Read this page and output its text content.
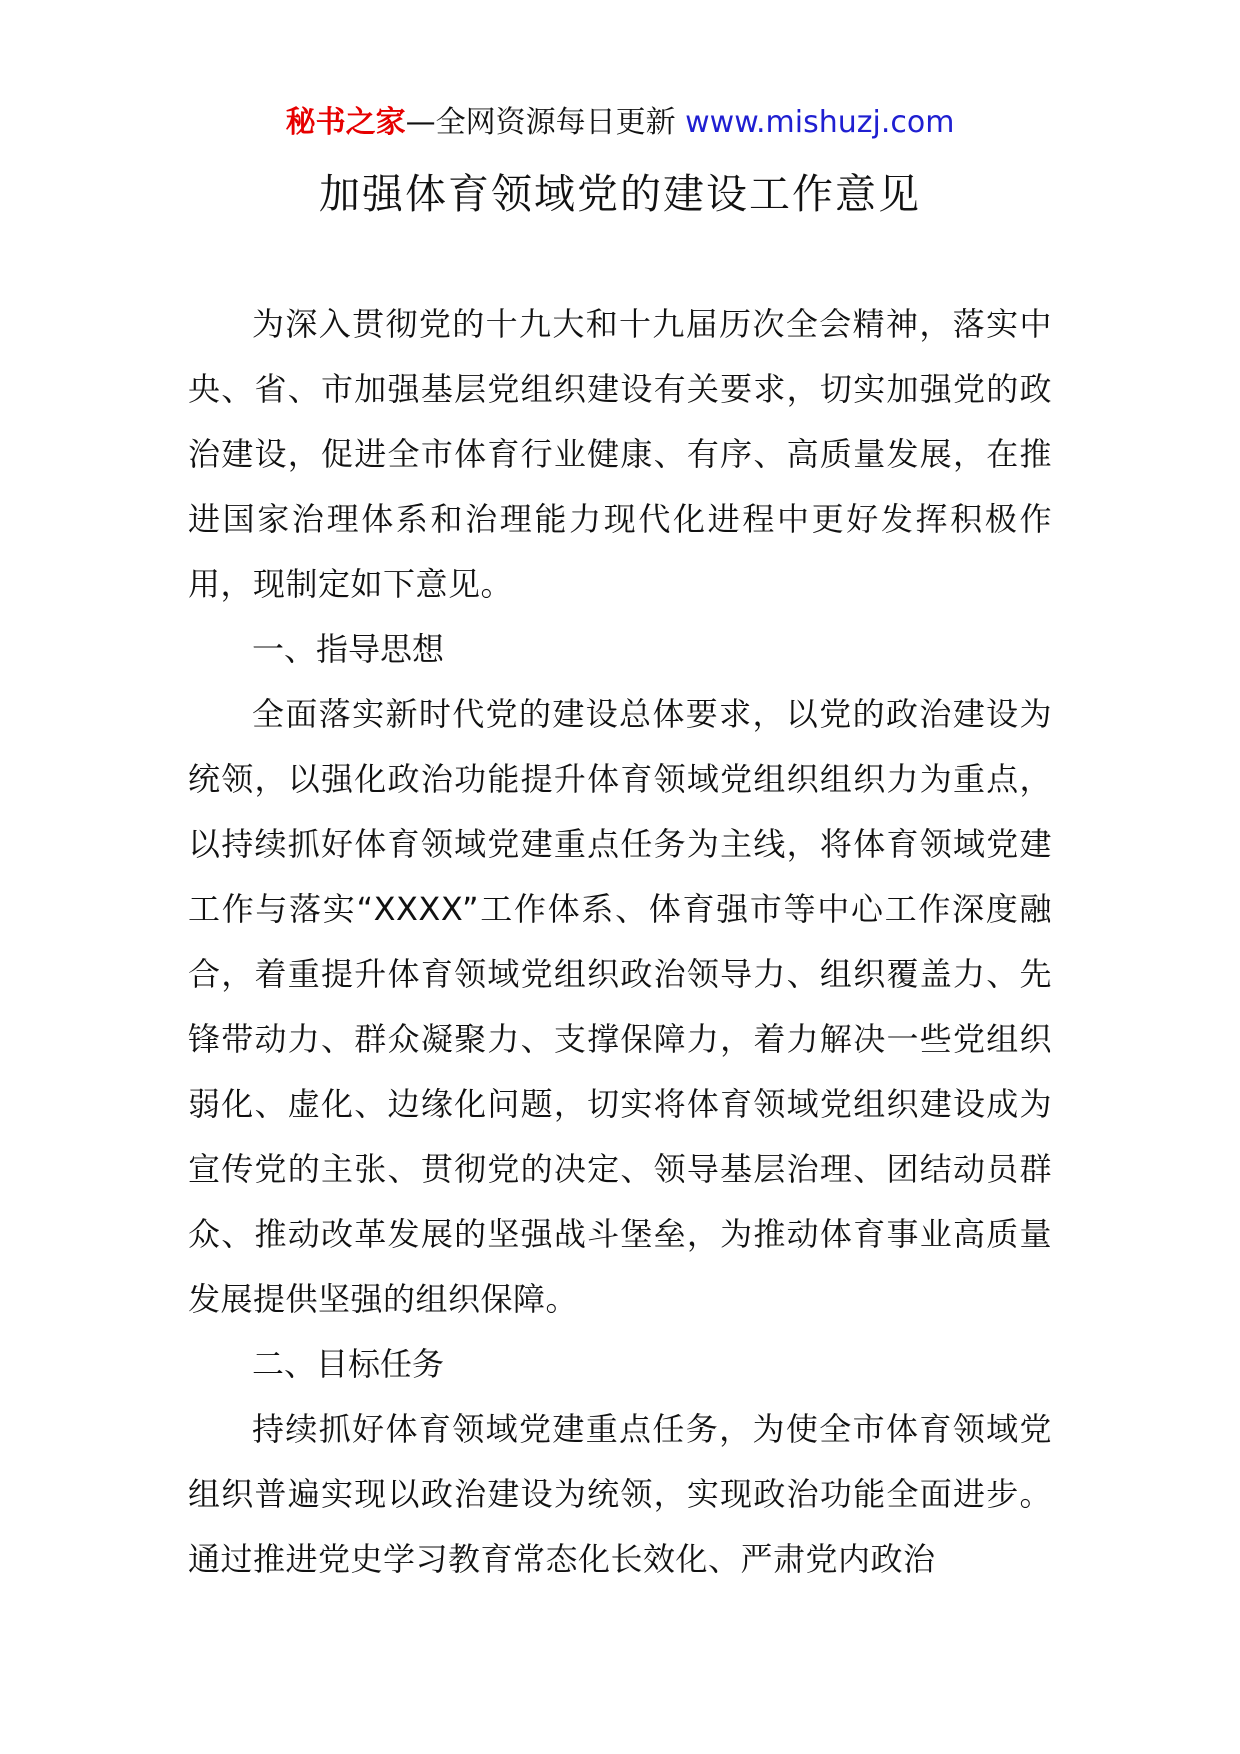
秘书之家—全网资源每日更新 www.mishuzj.com
加强体育领域党的建设工作意见

为深入贯彻党的十九大和十九届历次全会精神，落实中央、省、市加强基层党组织建设有关要求，切实加强党的政治建设，促进全市体育行业健康、有序、高质量发展，在推进国家治理体系和治理能力现代化进程中更好发挥积极作用，现制定如下意见。

一、指导思想

全面落实新时代党的建设总体要求，以党的政治建设为统领，以强化政治功能提升体育领域党组织组织力为重点，以持续抓好体育领域党建重点任务为主线，将体育领域党建工作与落实“XXXX”工作体系、体育强市等中心工作深度融合，着重提升体育领域党组织政治领导力、组织覆盖力、先锋带动力、群众凝聚力、支撑保障力，着力解决一些党组织弱化、虚化、边缘化问题，切实将体育领域党组织建设成为宣传党的主张、贯彻党的决定、领导基层治理、团结动员群众、推动改革发展的坚强战斗堡垒，为推动体育事业高质量发展提供坚强的组织保障。

二、目标任务

持续抓好体育领域党建重点任务，为使全市体育领域党组织普遍实现以政治建设为统领，实现政治功能全面进步。通过推进党史学习教育常态化长效化、严肃党内政治
